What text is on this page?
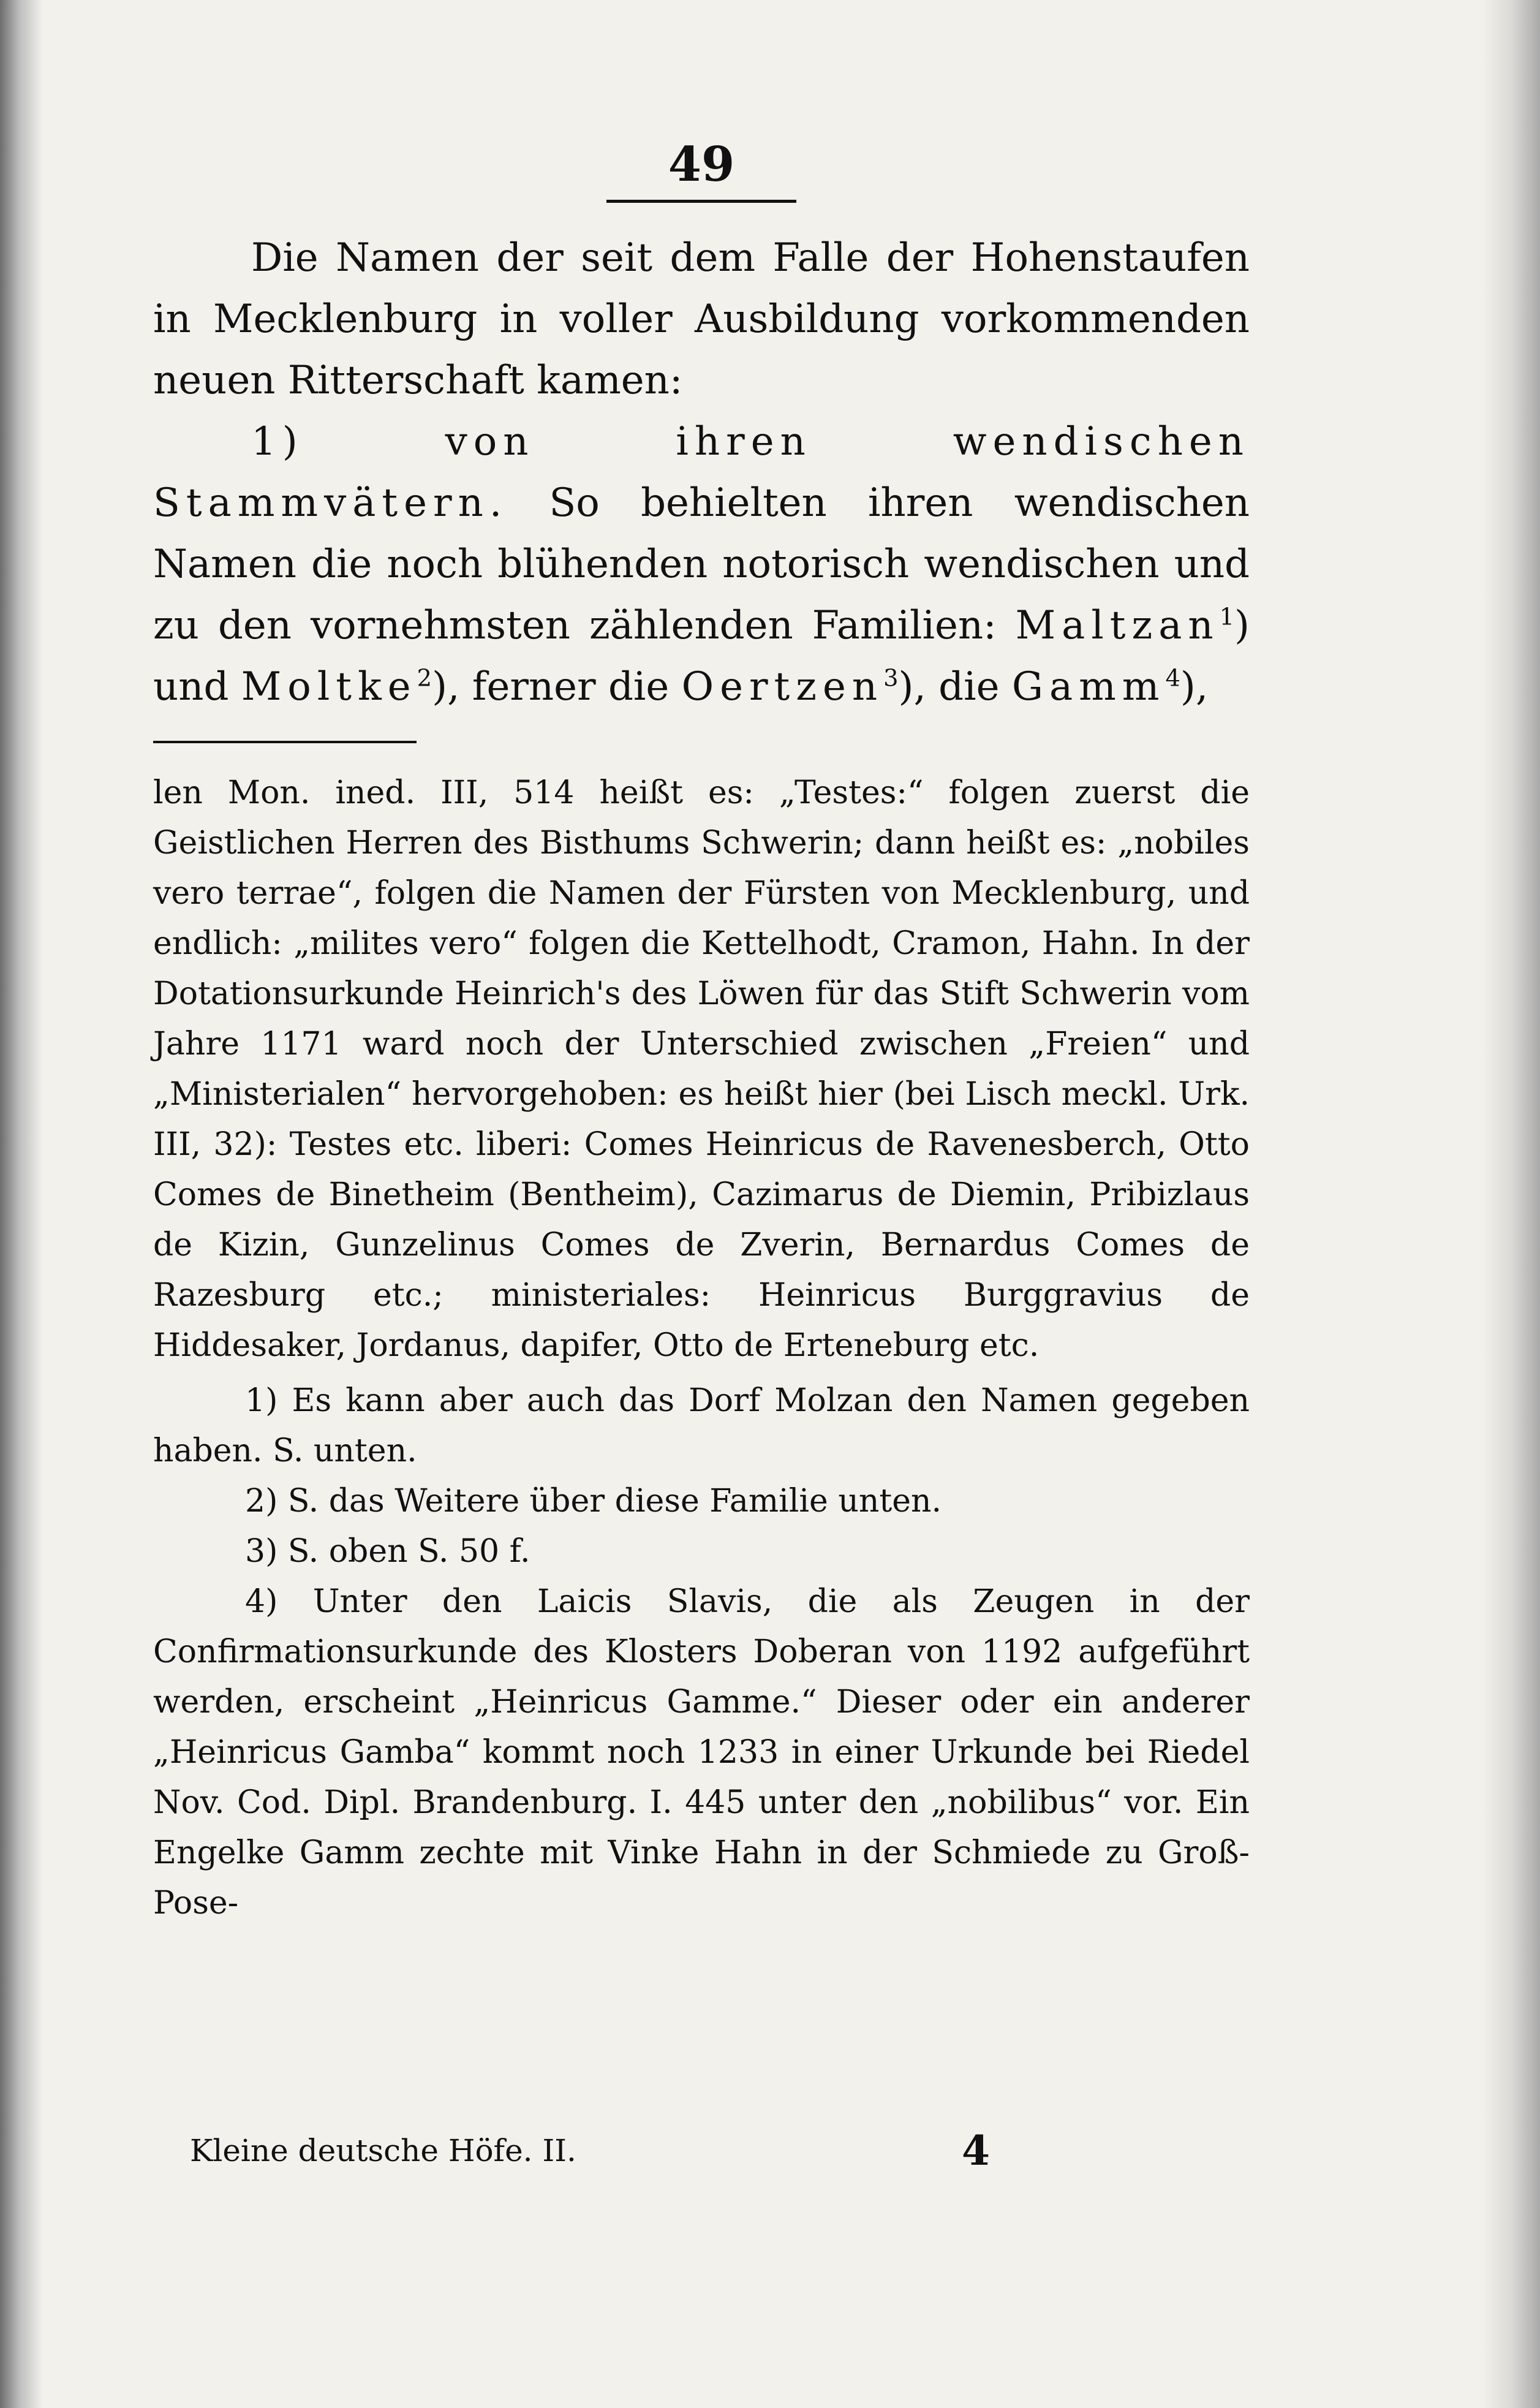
49

Die Namen der seit dem Falle der Hohenstaufen in Mecklenburg in voller Ausbildung vorkommenden neuen Ritterschaft kamen:

1) von ihren wendischen Stammvätern. So behielten ihren wendischen Namen die noch blühenden notorisch wendischen und zu den vornehmsten zählenden Familien: Maltzan$^1$) und Moltke$^2$), ferner die Oertzen$^3$), die Gamm$^4$),

len Mon. ined. III, 514 heißt es: „Testes:“ folgen zuerst die Geistlichen Herren des Bisthums Schwerin; dann heißt es: „nobiles vero terrae“, folgen die Namen der Fürsten von Mecklenburg, und endlich: „milites vero“ folgen die Kettelhodt, Cramon, Hahn. In der Dotationsurkunde Heinrich's des Löwen für das Stift Schwerin vom Jahre 1171 ward noch der Unterschied zwischen „Freien“ und „Ministerialen“ hervorgehoben: es heißt hier (bei Lisch meckl. Urk. III, 32): Testes etc. liberi: Comes Heinricus de Ravenesberch, Otto Comes de Binetheim (Bentheim), Cazimarus de Diemin, Pribizlaus de Kizin, Gunzelinus Comes de Zverin, Bernardus Comes de Razesburg etc.; ministeriales: Heinricus Burggravius de Hiddesaker, Jordanus, dapifer, Otto de Erteneburg etc.

1) Es kann aber auch das Dorf Molzan den Namen gegeben haben. S. unten.

2) S. das Weitere über diese Familie unten.

3) S. oben S. 50 f.

4) Unter den Laicis Slavis, die als Zeugen in der Confirmationsurkunde des Klosters Doberan von 1192 aufgeführt werden, erscheint „Heinricus Gamme.“ Dieser oder ein anderer „Heinricus Gamba“ kommt noch 1233 in einer Urkunde bei Riedel Nov. Cod. Dipl. Brandenburg. I. 445 unter den „nobilibus“ vor. Ein Engelke Gamm zechte mit Vinke Hahn in der Schmiede zu Groß-Pose-

Kleine deutsche Höfe. II.	4
